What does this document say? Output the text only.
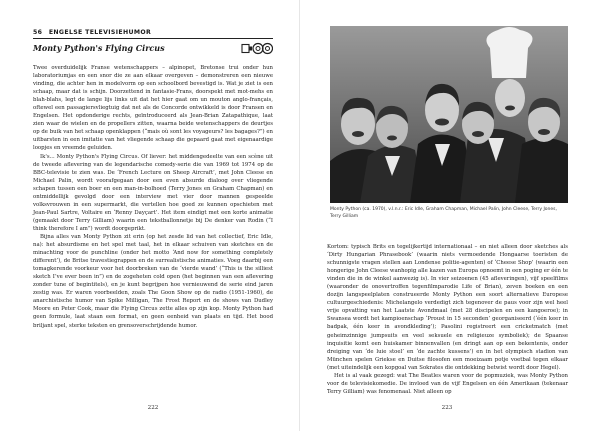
56 ENGELSE TELEVISIEHUMOR
Monty Python's Flying Circus

Twee overduidelijk Franse wetenschappers – alpinopet, Bretonse trui onder hun laboratoriumjas en een snor die ze aan elkaar overgeven – demonstreren een nieuwe vinding, die achter hen in modelvorm op een schoolbord bevestigd is. Wat je ziet is een schaap, maar dat is schijn. Doorzettend in fantasie-Frans, doorspekt met mot-mehs en blah-blahs, legt de lange lijs links uit dat het hier gaat om un mouton anglo-français, oftewel een passagiersvliegtuig dat net als de Concorde ontwikkeld is door Fransen en Engelsen. Het opdonderige rechts, geïntroduceerd als Jean-Brian Zatapathique, laat zien waar de wielen en de propellers zitten, waarna beide wetenschappers de deurtjes op de buik van het schaap openklappen (“mais où sont les voyageurs? les bagages?”) en uitbarsten in een imitatie van het vliegende schaap die gepaard gaat met eigenaardige loopjes en vreemde geluiden.

Ik's... Monty Python's Flying Circus. Of liever: het middengedeelte van een scène uit de tweede aflevering van de legendarische comedy-serie die van 1969 tot 1974 op de BBC-televisie te zien was. De ‘French Lecture on Sheep Aircraft’, met John Cleese en Michael Palin, wordt voorafgegaan door een even absurde dialoog over vliegende schapen tussen een boer en een man-in-bolhoed (Terry Jones en Graham Chapman) en ontmiddellijk gevolgd door een interview met vier door mannen gespeelde volksvrouwen in een supermarkt, die vertellen hoe goed ze kunnen opschieten met Jean-Paul Sartre, Voltaire en ‘Renny Dayçart’. Het item eindigt met een korte animatie (gemaakt door Terry Gilliam) waarin een tekstballonnetje bij De denker van Rodin (“I think therefore I am”) wordt doorgeprikt.

Bijna alles van Monty Python zit erin (op het zesde lid van het collectief, Eric Idle, na): het absurdisme en het spel met taal, het in elkaar schuiven van sketches en de minachting voor de punchline (onder het motto ‘And now for something completely different’), de Britse travestiegrappen en de surrealistische animaties. Voeg daarbij een tomagkerende voorkeur voor het doorbreken van de ‘vierde wand’ (“This is the silliest sketch I’ve ever been in”) en de zogeheten cold open (het beginnen van een aflevering zonder tune of begintitels), en je kunt begrijpen hoe vernieuwend de serie eind jaren zestig was. Er waren voorbeelden, zoals The Goon Show op de radio (1951-1960), de anarchistische humor van Spike Milligan, The Frost Report en de shows van Dudley Moore en Peter Cook, maar die Flying Circus zette alles op zijn kop. Monty Python had geen formule, laat staan een format, en geen eenheid van plaats en tijd. Het bood briljant spel, sterke teksten en grensoverschrijdende humor.

222
Monty Python (ca. 1970), v.l.n.r.: Eric Idle, Graham Chapman, Michael Palin, John Cleese, Terry Jones, Terry Gilliam

Kortom: typisch Brits en tegelijkertijd internationaal – en niet alleen door sketches als ‘Dirty Hungarian Phrasebook’ (waarin niets vermoedende Hongaarse toeristen de schunnigste vragen stellen aan Londense politie-agenten) of ‘Cheese Shop’ (waarin een hongerige John Cleese wanhopig alle kazen van Europa opnoemt in een poging er één te vinden die in de winkel aanwezig is). In vier seizoenen (45 afleveringen), vijf speelfilms (waaronder de onovertroffen tegenfilmparodie Life of Brian), zeven boeken en een dozijn langspeelplaten construeerde Monty Python een soort alternatieve Europese cultuurgeschiedenis: Michelangelo verdedigt zich tegenover de paus voor zijn wel heel vrije opvatting van het Laatste Avondmaal (met 28 discipelen en een kangoeroe); in Swansea wordt het kampioenschap ‘Proust in 15 seconden’ georganiseerd (‘één keer in badpak, één keer in avondkleding’); Pasolini registreert een cricketmatch (met geheimzinnige jumpsuits en veel seksuele en religieuze symboliek); de Spaanse inquisitie komt een huiskamer binnenvallen (en dringt aan op een bekentenis, onder dreiging van ‘de luie stoel’ en ‘de zachte kussens’) en in het olympisch stadion van München spelen Griekse en Duitse filosofen een moeizaam potje voetbal tegen elkaar (met uiteindelijk een kopgoal van Sokrates die ontdekking betwist wordt door Hegel).

Het is al vaak gezegd: wat The Beatles waren voor de popmuziek, was Monty Python voor de televisiekomedie. De invloed van de vijf Engelsen en één Amerikaan (tekenaar Terry Gilliam) was fenomenaal. Niet alleen op

223
